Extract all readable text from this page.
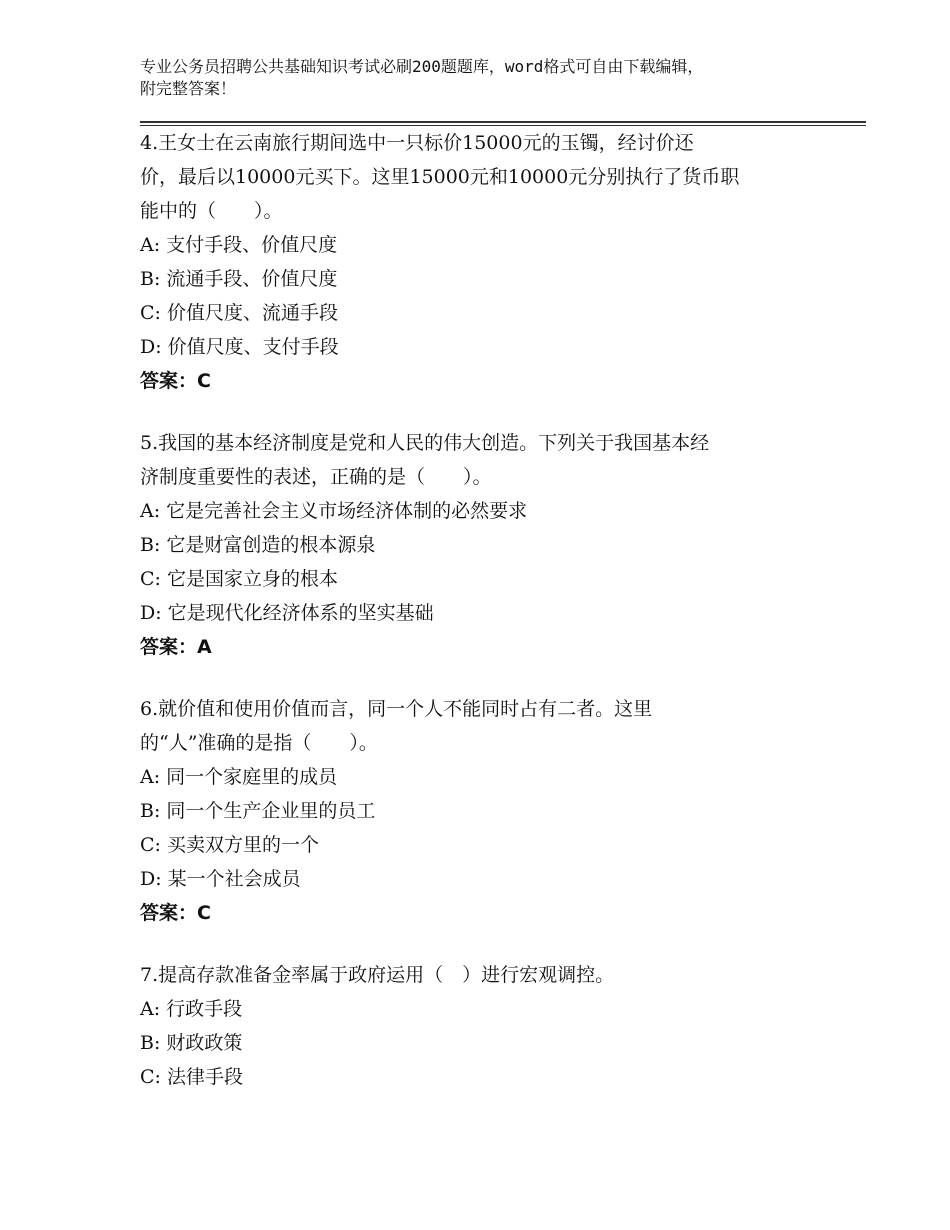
专业公务员招聘公共基础知识考试必刷200题题库，word格式可自由下载编辑，
附完整答案！
4.王女士在云南旅行期间选中一只标价15000元的玉镯，经讨价还
价，最后以10000元买下。这里15000元和10000元分别执行了货币职
能中的（　　）。
A: 支付手段、价值尺度
B: 流通手段、价值尺度
C: 价值尺度、流通手段
D: 价值尺度、支付手段
答案：C
5.我国的基本经济制度是党和人民的伟大创造。下列关于我国基本经
济制度重要性的表述，正确的是（　　）。
A: 它是完善社会主义市场经济体制的必然要求
B: 它是财富创造的根本源泉
C: 它是国家立身的根本
D: 它是现代化经济体系的坚实基础
答案：A
6.就价值和使用价值而言，同一个人不能同时占有二者。这里
的“人”准确的是指（　　）。
A: 同一个家庭里的成员
B: 同一个生产企业里的员工
C: 买卖双方里的一个
D: 某一个社会成员
答案：C
7.提高存款准备金率属于政府运用（　）进行宏观调控。
A: 行政手段
B: 财政政策
C: 法律手段
